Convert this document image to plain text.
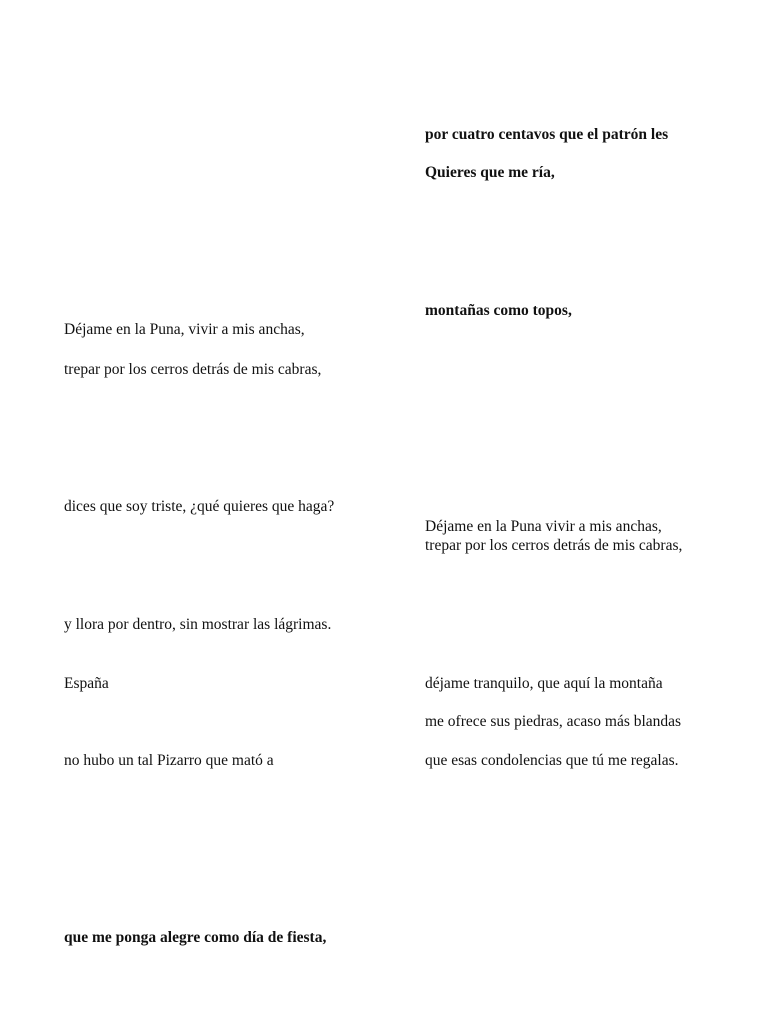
Déjame en la Puna, vivir a mis anchas,
trepar por los cerros detrás de mis cabras,
dices que soy triste, ¿qué quieres que haga?
y llora por dentro, sin mostrar las lágrimas.
España
no hubo un tal Pizarro que mató a
que me ponga alegre como día de fiesta,
por cuatro centavos que el patrón les
Quieres que me ría,
montañas como topos,
Déjame en la Puna vivir a mis anchas,
trepar por los cerros detrás de mis cabras,
déjame tranquilo, que aquí la montaña
me ofrece sus piedras, acaso más blandas
que esas condolencias que tú me regalas.
